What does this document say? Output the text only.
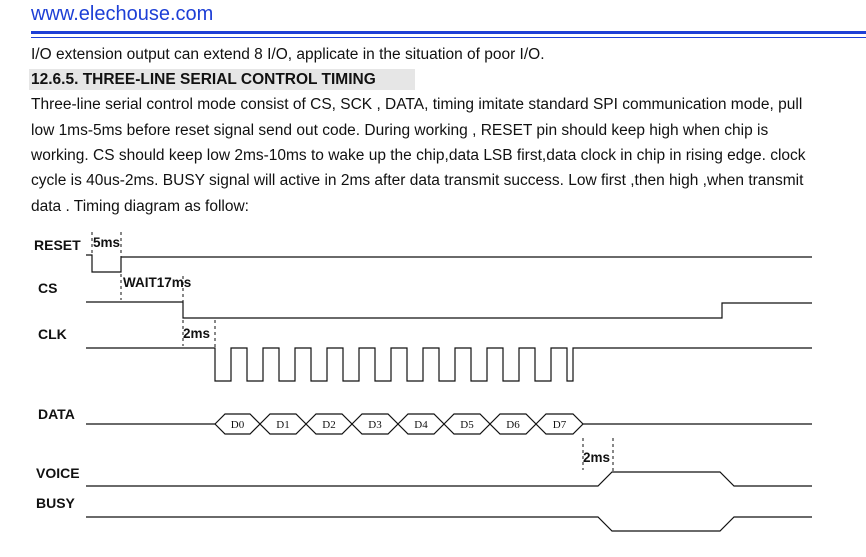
www.elechouse.com
I/O extension output can extend 8 I/O, applicate in the situation of poor I/O.
12.6.5. THREE-LINE SERIAL CONTROL TIMING
Three-line serial control mode consist of CS, SCK , DATA, timing imitate standard SPI communication mode, pull
low 1ms-5ms before reset signal send out code. During working , RESET pin should keep high when chip is
working. CS should keep low 2ms-10ms to wake up the chip,data LSB first,data clock in chip in rising edge. clock
cycle is 40us-2ms. BUSY signal will active in 2ms after data transmit success. Low first ,then high ,when transmit
data . Timing diagram as follow:
RESET
CS
CLK
DATA
VOICE
BUSY
5ms
WAIT17ms
2ms
2ms
D0	D1	D2	D3	D4	D5	D6	D7
